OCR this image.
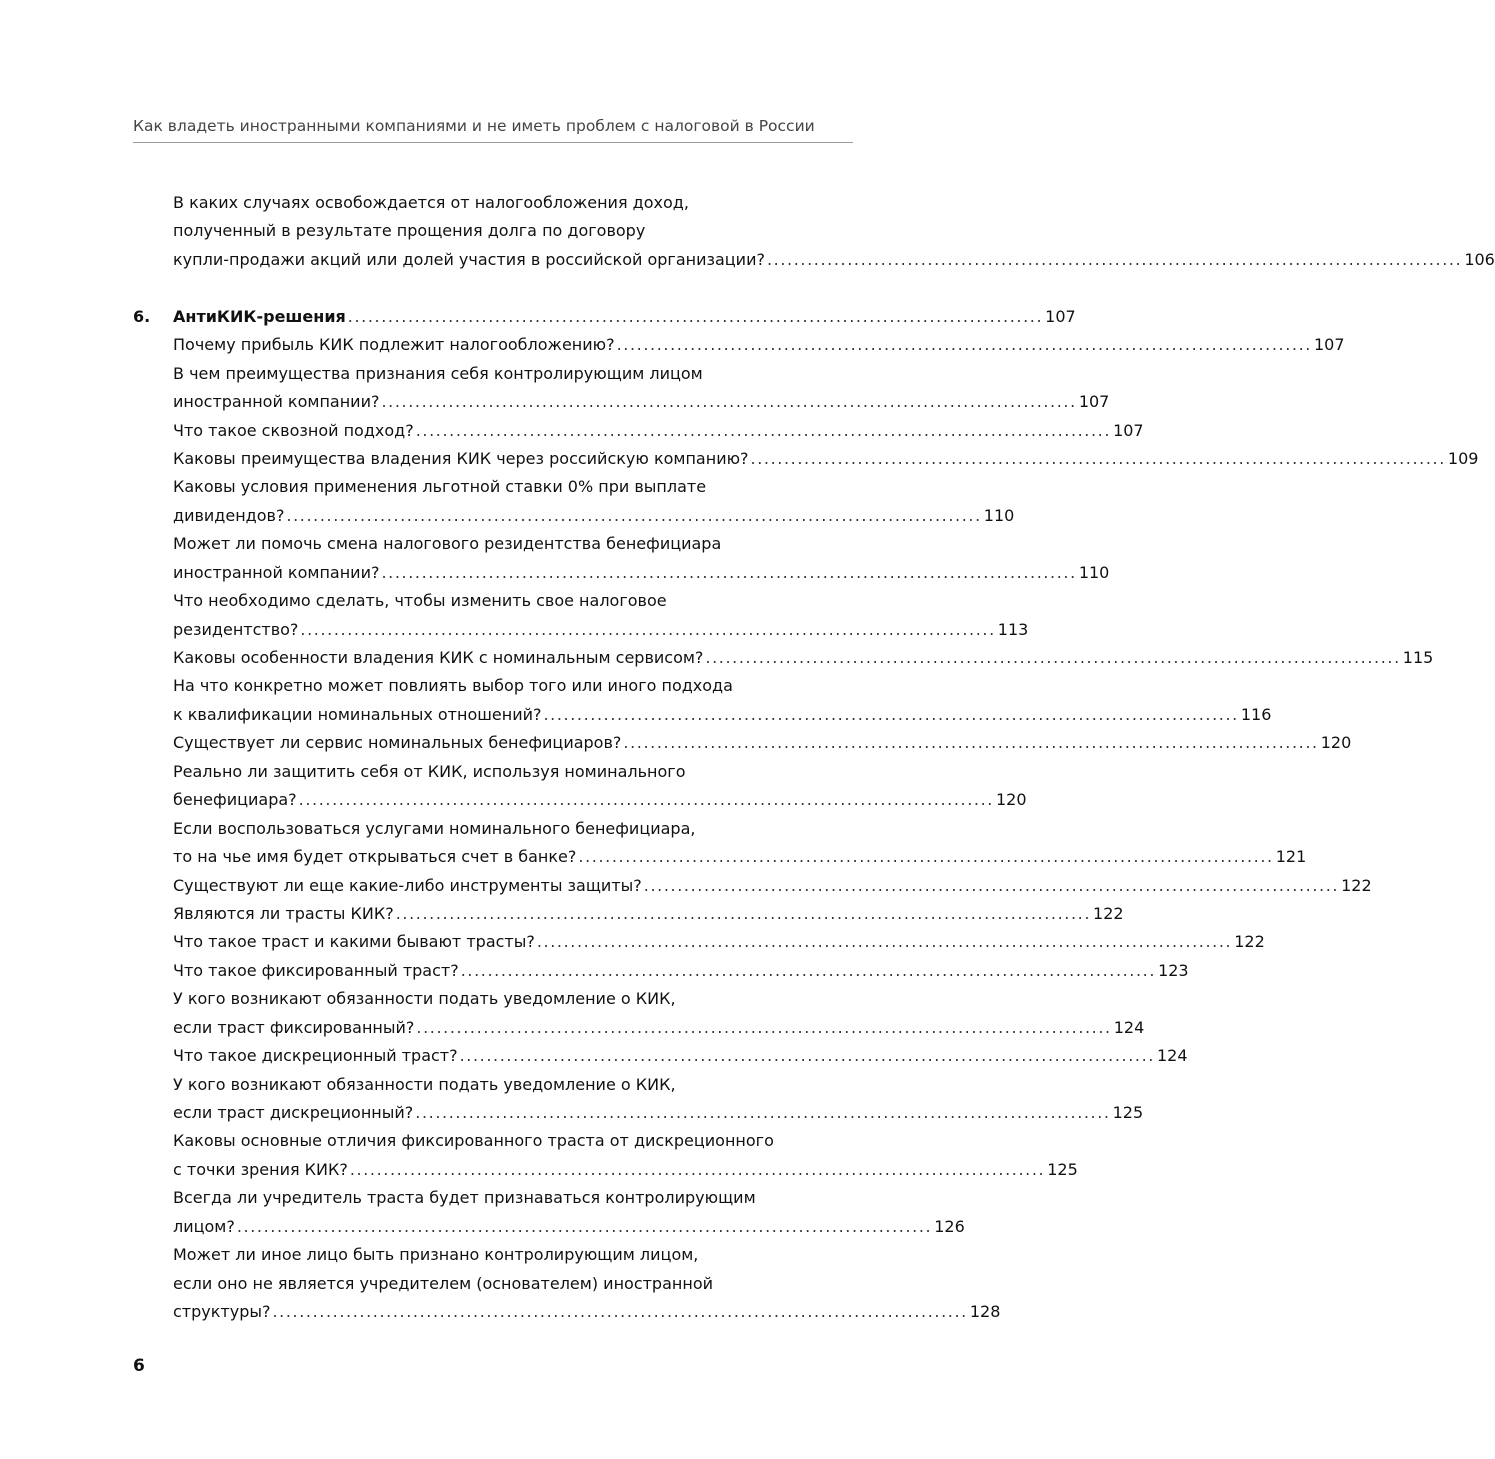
Как владеть иностранными компаниями и не иметь проблем с налоговой в России
В каких случаях освобождается от налогообложения доход,
полученный в результате прощения долга по договору
купли-продажи акций или долей участия в российской организации? ........................................................................................................ 106
6. АнтиКИК-решения ........................................................................................................ 107
Почему прибыль КИК подлежит налогообложению? ........................................................................................................ 107
В чем преимущества признания себя контролирующим лицом
иностранной компании? ........................................................................................................ 107
Что такое сквозной подход? ........................................................................................................ 107
Каковы преимущества владения КИК через российскую компанию? ........................................................................................................ 109
Каковы условия применения льготной ставки 0% при выплате
дивидендов? ........................................................................................................ 110
Может ли помочь смена налогового резидентства бенефициара
иностранной компании? ........................................................................................................ 110
Что необходимо сделать, чтобы изменить свое налоговое
резидентство? ........................................................................................................ 113
Каковы особенности владения КИК с номинальным сервисом? ........................................................................................................ 115
На что конкретно может повлиять выбор того или иного подхода
к квалификации номинальных отношений? ........................................................................................................ 116
Существует ли сервис номинальных бенефициаров? ........................................................................................................ 120
Реально ли защитить себя от КИК, используя номинального
бенефициара? ........................................................................................................ 120
Если воспользоваться услугами номинального бенефициара,
то на чье имя будет открываться счет в банке? ........................................................................................................ 121
Существуют ли еще какие-либо инструменты защиты? ........................................................................................................ 122
Являются ли трасты КИК? ........................................................................................................ 122
Что такое траст и какими бывают трасты? ........................................................................................................ 122
Что такое фиксированный траст? ........................................................................................................ 123
У кого возникают обязанности подать уведомление о КИК,
если траст фиксированный? ........................................................................................................ 124
Что такое дискреционный траст? ........................................................................................................ 124
У кого возникают обязанности подать уведомление о КИК,
если траст дискреционный? ........................................................................................................ 125
Каковы основные отличия фиксированного траста от дискреционного
с точки зрения КИК? ........................................................................................................ 125
Всегда ли учредитель траста будет признаваться контролирующим
лицом? ........................................................................................................ 126
Может ли иное лицо быть признано контролирующим лицом,
если оно не является учредителем (основателем) иностранной
структуры? ........................................................................................................ 128
6
